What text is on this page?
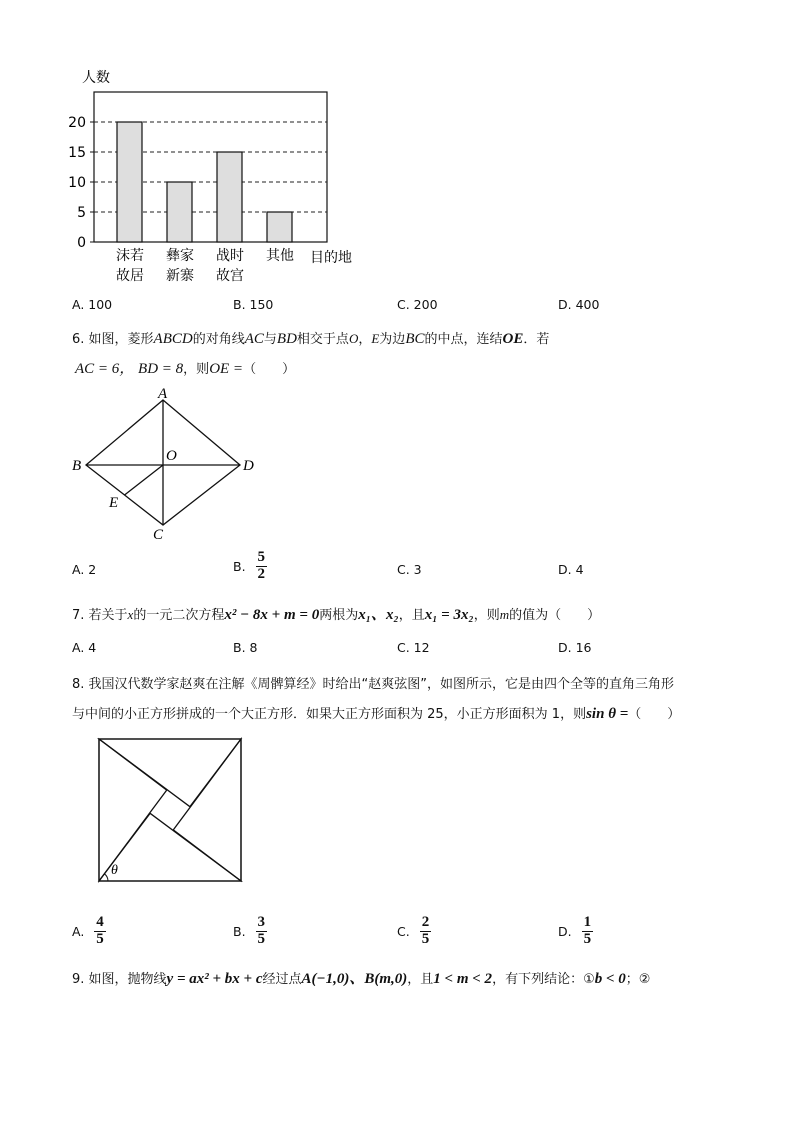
人数
0
5
10
15
20
沫若
故居
彝家
新寨
战时
故宫
其他 目的地
A. 100	B. 150	C. 200	D. 400
6. 如图，菱形ABCD的对角线AC与BD相交于点O，E为边BC的中点，连结OE．若
AC = 6， BD = 8，则OE =（　　）
A
B
C
D
O
E
A. 2	B. $\frac{5}{2}$	C. 3	D. 4
7. 若关于x的一元二次方程x² − 8x + m = 0两根为x₁、x₂，且x₁ = 3x₂，则m的值为（　　）
A. 4	B. 8	C. 12	D. 16
8. 我国汉代数学家赵爽在注解《周髀算经》时给出“赵爽弦图”，如图所示，它是由四个全等的直角三角形
与中间的小正方形拼成的一个大正方形．如果大正方形面积为 25，小正方形面积为 1，则sin θ =（　　）
θ
A. $\frac{4}{5}$	B. $\frac{3}{5}$	C. $\frac{2}{5}$	D. $\frac{1}{5}$
9. 如图，抛物线y = ax² + bx + c经过点A(−1,0)、B(m,0)，且1 < m < 2，有下列结论：①b < 0；②
